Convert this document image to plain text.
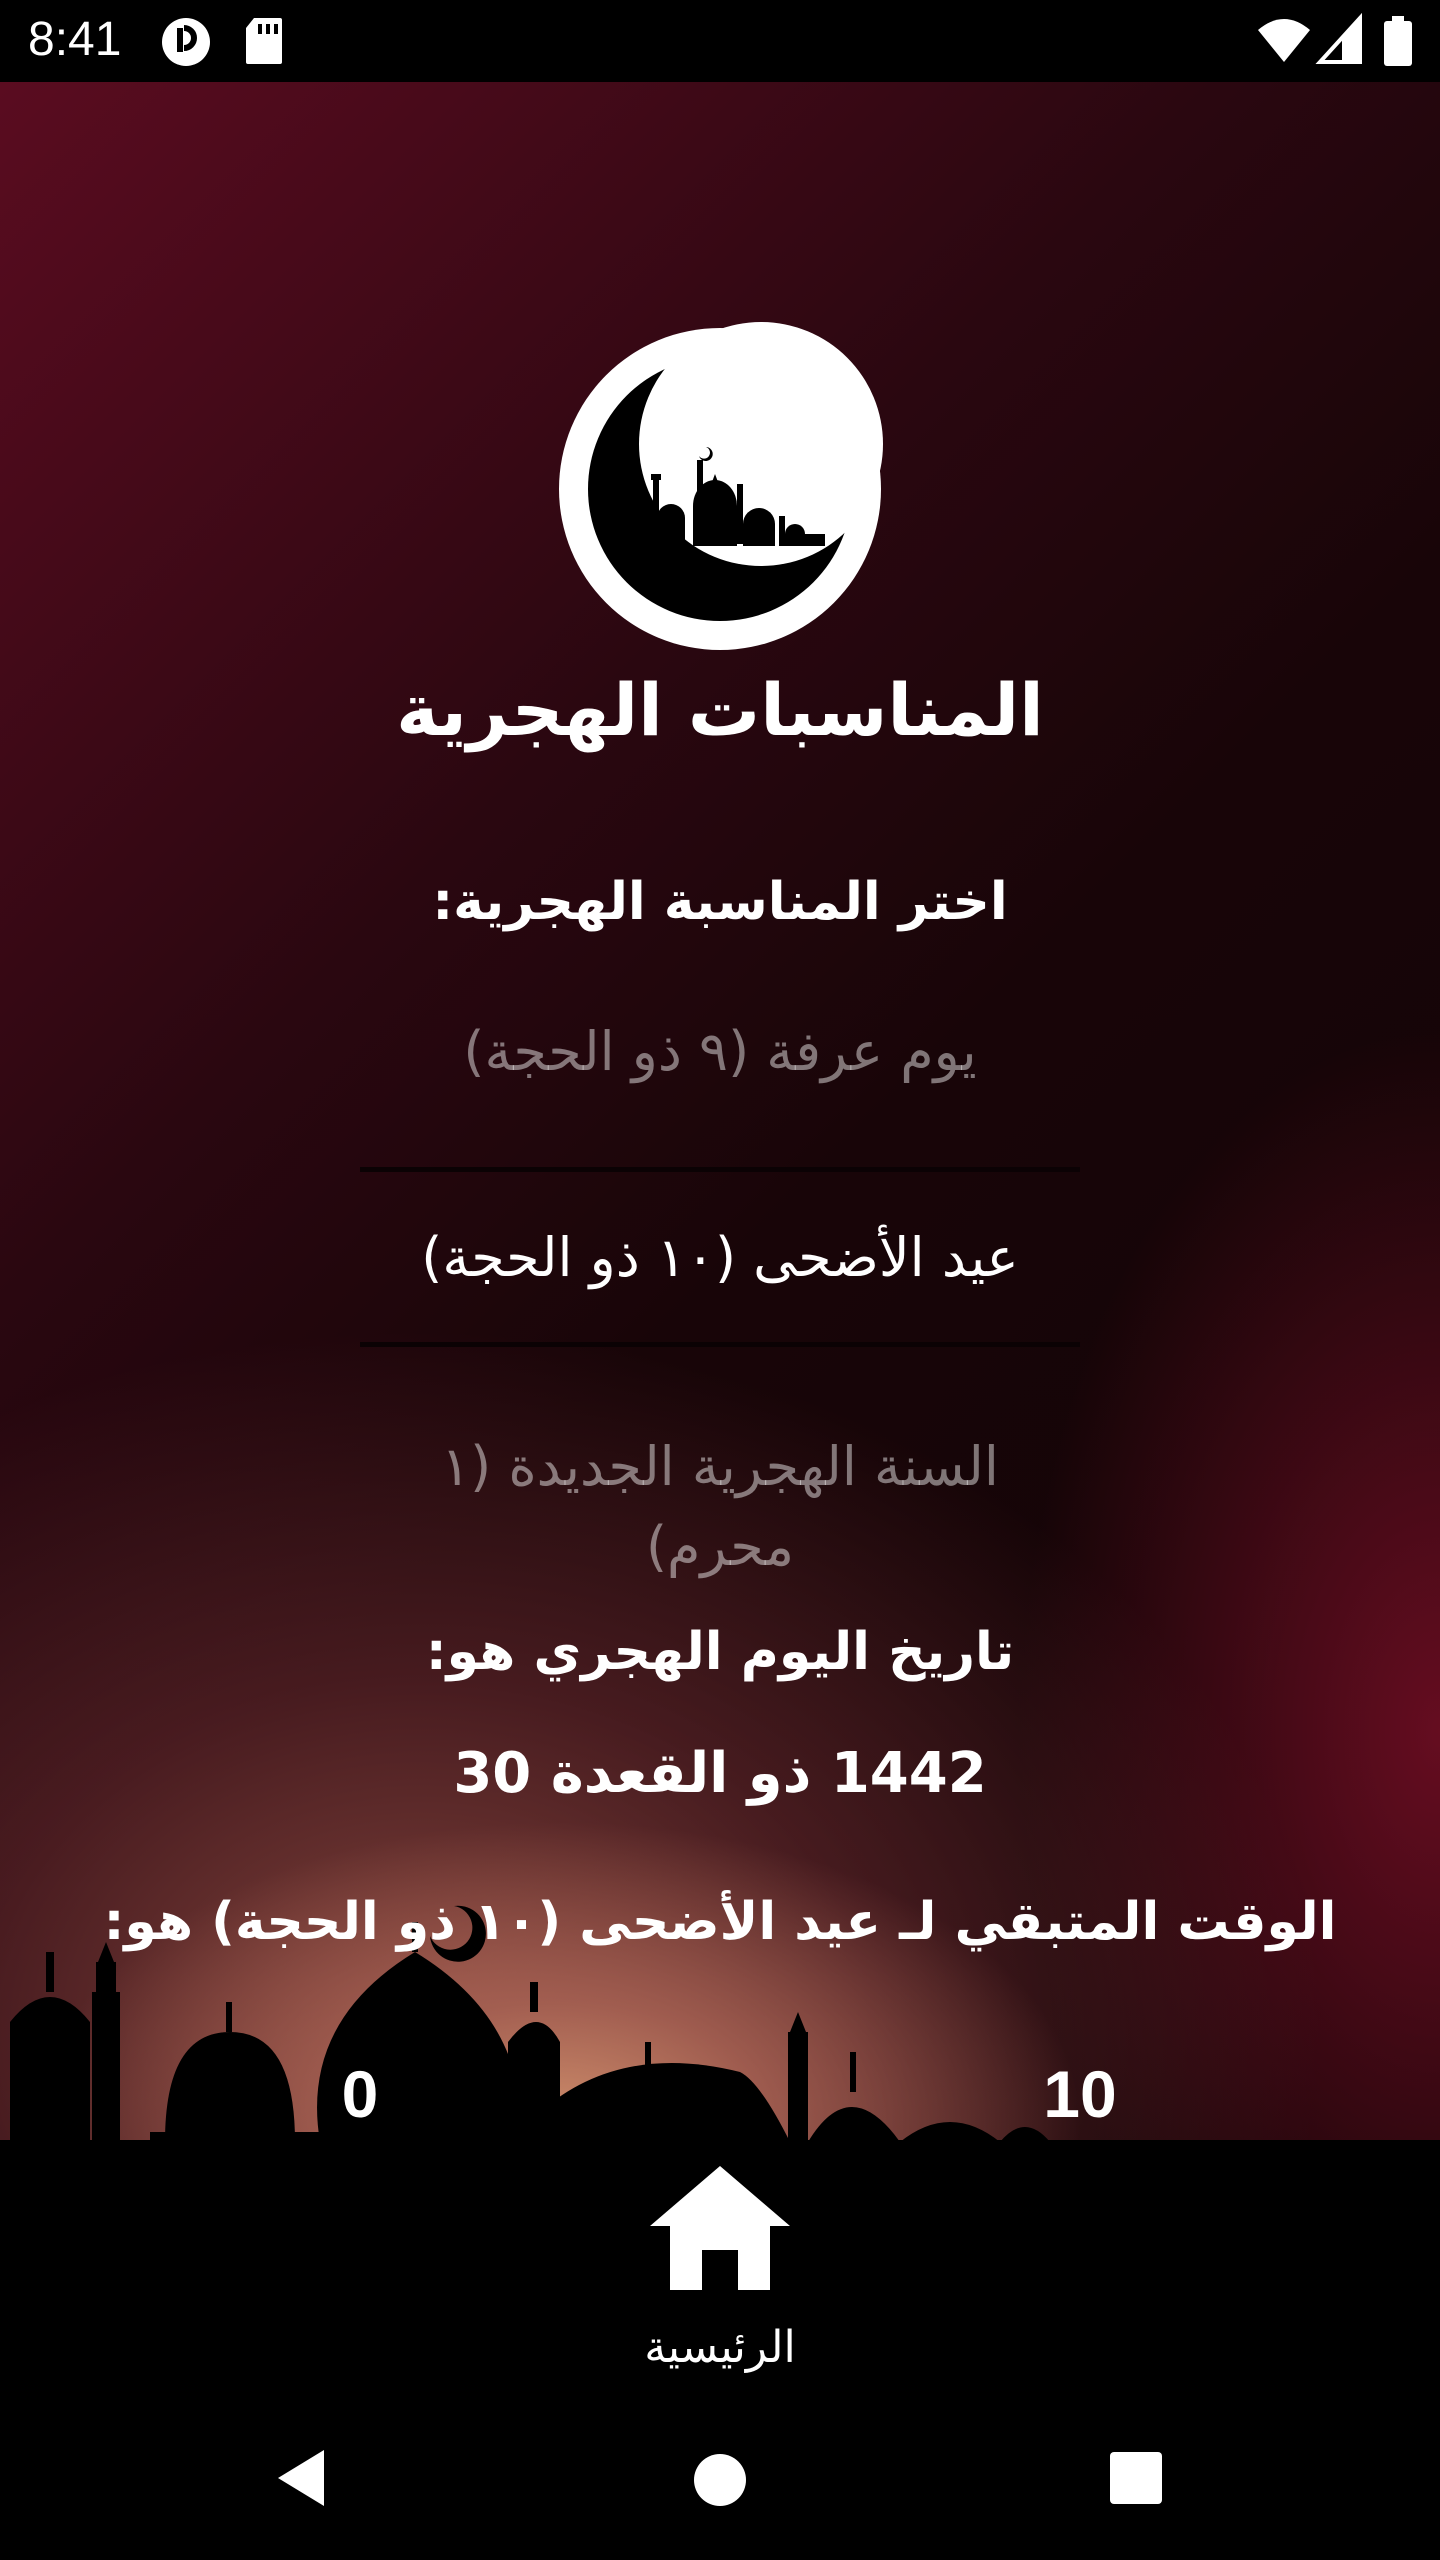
8:41
المناسبات الهجرية
اختر المناسبة الهجرية:
يوم عرفة (٩ ذو الحجة)
عيد الأضحى (١٠ ذو الحجة)
السنة الهجرية الجديدة (١ محرم)
تاريخ اليوم الهجري هو:
1442 ذو القعدة 30
الوقت المتبقي لـ عيد الأضحى (١٠ ذو الحجة) هو:
0	10
الرئيسية
